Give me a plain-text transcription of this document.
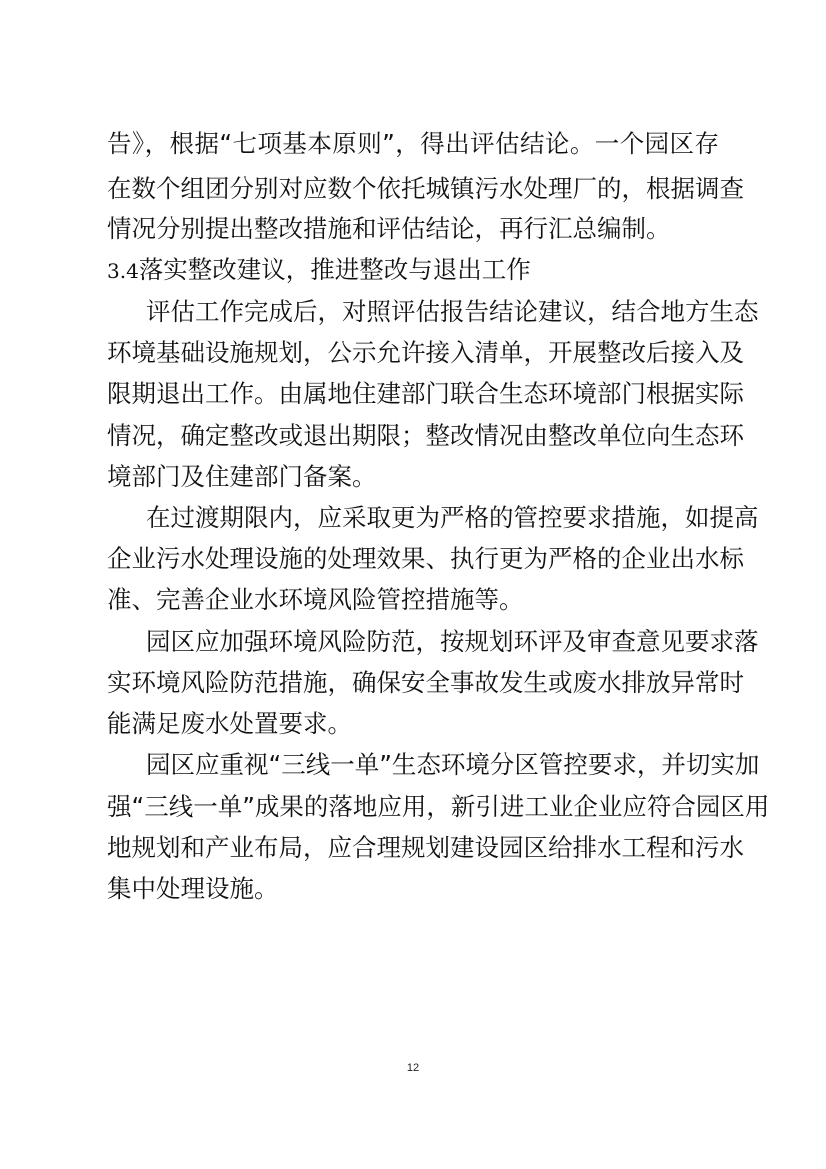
告》，根据“七项基本原则”，得出评估结论。一个园区存
在数个组团分别对应数个依托城镇污水处理厂的，根据调查
情况分别提出整改措施和评估结论，再行汇总编制。
3.4落实整改建议，推进整改与退出工作
评估工作完成后，对照评估报告结论建议，结合地方生态
环境基础设施规划，公示允许接入清单，开展整改后接入及
限期退出工作。由属地住建部门联合生态环境部门根据实际
情况，确定整改或退出期限；整改情况由整改单位向生态环
境部门及住建部门备案。
在过渡期限内，应采取更为严格的管控要求措施，如提高
企业污水处理设施的处理效果、执行更为严格的企业出水标
准、完善企业水环境风险管控措施等。
园区应加强环境风险防范，按规划环评及审查意见要求落
实环境风险防范措施，确保安全事故发生或废水排放异常时
能满足废水处置要求。
园区应重视“三线一单”生态环境分区管控要求，并切实加
强“三线一单”成果的落地应用，新引进工业企业应符合园区用
地规划和产业布局，应合理规划建设园区给排水工程和污水
集中处理设施。
12
